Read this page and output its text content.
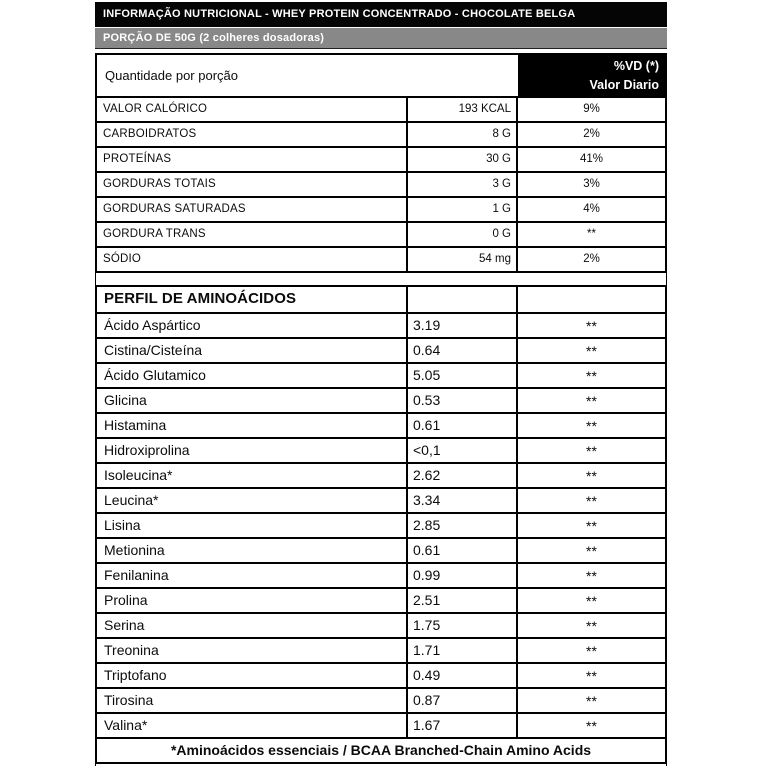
INFORMAÇÃO NUTRICIONAL - WHEY PROTEIN CONCENTRADO - CHOCOLATE BELGA
PORÇÃO DE 50G (2 colheres dosadoras)
Quantidade por porção
%VD (*)
Valor Diario
VALOR CALÓRICO	193 KCAL	9%
CARBOIDRATOS	8 G	2%
PROTEÍNAS	30 G	41%
GORDURAS TOTAIS	3 G	3%
GORDURAS SATURADAS	1 G	4%
GORDURA TRANS	0 G	**
SÓDIO	54 mg	2%
PERFIL DE AMINOÁCIDOS
Ácido Aspártico	3.19	**
Cistina/Cisteína	0.64	**
Ácido Glutamico	5.05	**
Glicina	0.53	**
Histamina	0.61	**
Hidroxiprolina	<0,1	**
Isoleucina*	2.62	**
Leucina*	3.34	**
Lisina	2.85	**
Metionina	0.61	**
Fenilanina	0.99	**
Prolina	2.51	**
Serina	1.75	**
Treonina	1.71	**
Triptofano	0.49	**
Tirosina	0.87	**
Valina*	1.67	**
*Aminoácidos essenciais / BCAA Branched-Chain Amino Acids
